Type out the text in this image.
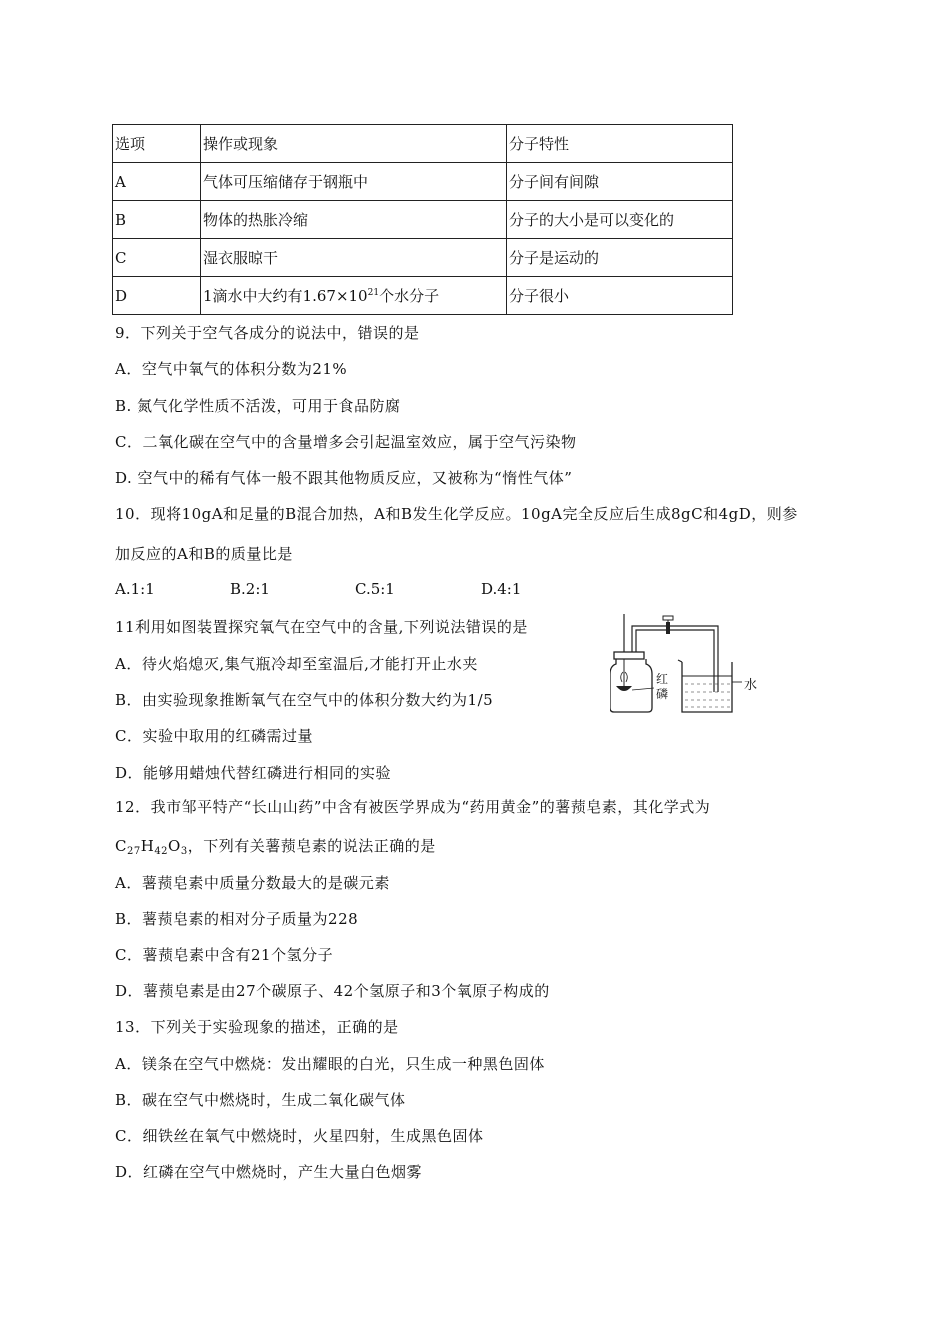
选项	操作或现象	分子特性
A	气体可压缩储存于钢瓶中	分子间有间隙
B	物体的热胀冷缩	分子的大小是可以变化的
C	湿衣服晾干	分子是运动的
D	1滴水中大约有$1.67\times 10^{21}$个水分子	分子很小
9．下列关于空气各成分的说法中，错误的是
A．空气中氧气的体积分数为21%
B. 氮气化学性质不活泼，可用于食品防腐
C．二氧化碳在空气中的含量增多会引起温室效应，属于空气污染物
D. 空气中的稀有气体一般不跟其他物质反应，又被称为“惰性气体”
10．现将10gA和足量的B混合加热，A和B发生化学反应。10gA完全反应后生成8gC和4gD，则参
加反应的A和B的质量比是
A.1:1	B.2:1	C.5:1	D.4:1
11利用如图装置探究氧气在空气中的含量,下列说法错误的是
A．待火焰熄灭,集气瓶冷却至室温后,才能打开止水夹
B．由实验现象推断氧气在空气中的体积分数大约为1/5
C．实验中取用的红磷需过量
D．能够用蜡烛代替红磷进行相同的实验
红
磷
水
12．我市邹平特产“长山山药”中含有被医学界成为“药用黄金”的薯蓣皂素，其化学式为
$C_{27}H_{42}O_3$，下列有关薯蓣皂素的说法正确的是
A．薯蓣皂素中质量分数最大的是碳元素
B．薯蓣皂素的相对分子质量为228
C．薯蓣皂素中含有21个氢分子
D．薯蓣皂素是由27个碳原子、42个氢原子和3个氧原子构成的
13．下列关于实验现象的描述，正确的是
A．镁条在空气中燃烧：发出耀眼的白光，只生成一种黑色固体
B．碳在空气中燃烧时，生成二氧化碳气体
C．细铁丝在氧气中燃烧时，火星四射，生成黑色固体
D．红磷在空气中燃烧时，产生大量白色烟雾
